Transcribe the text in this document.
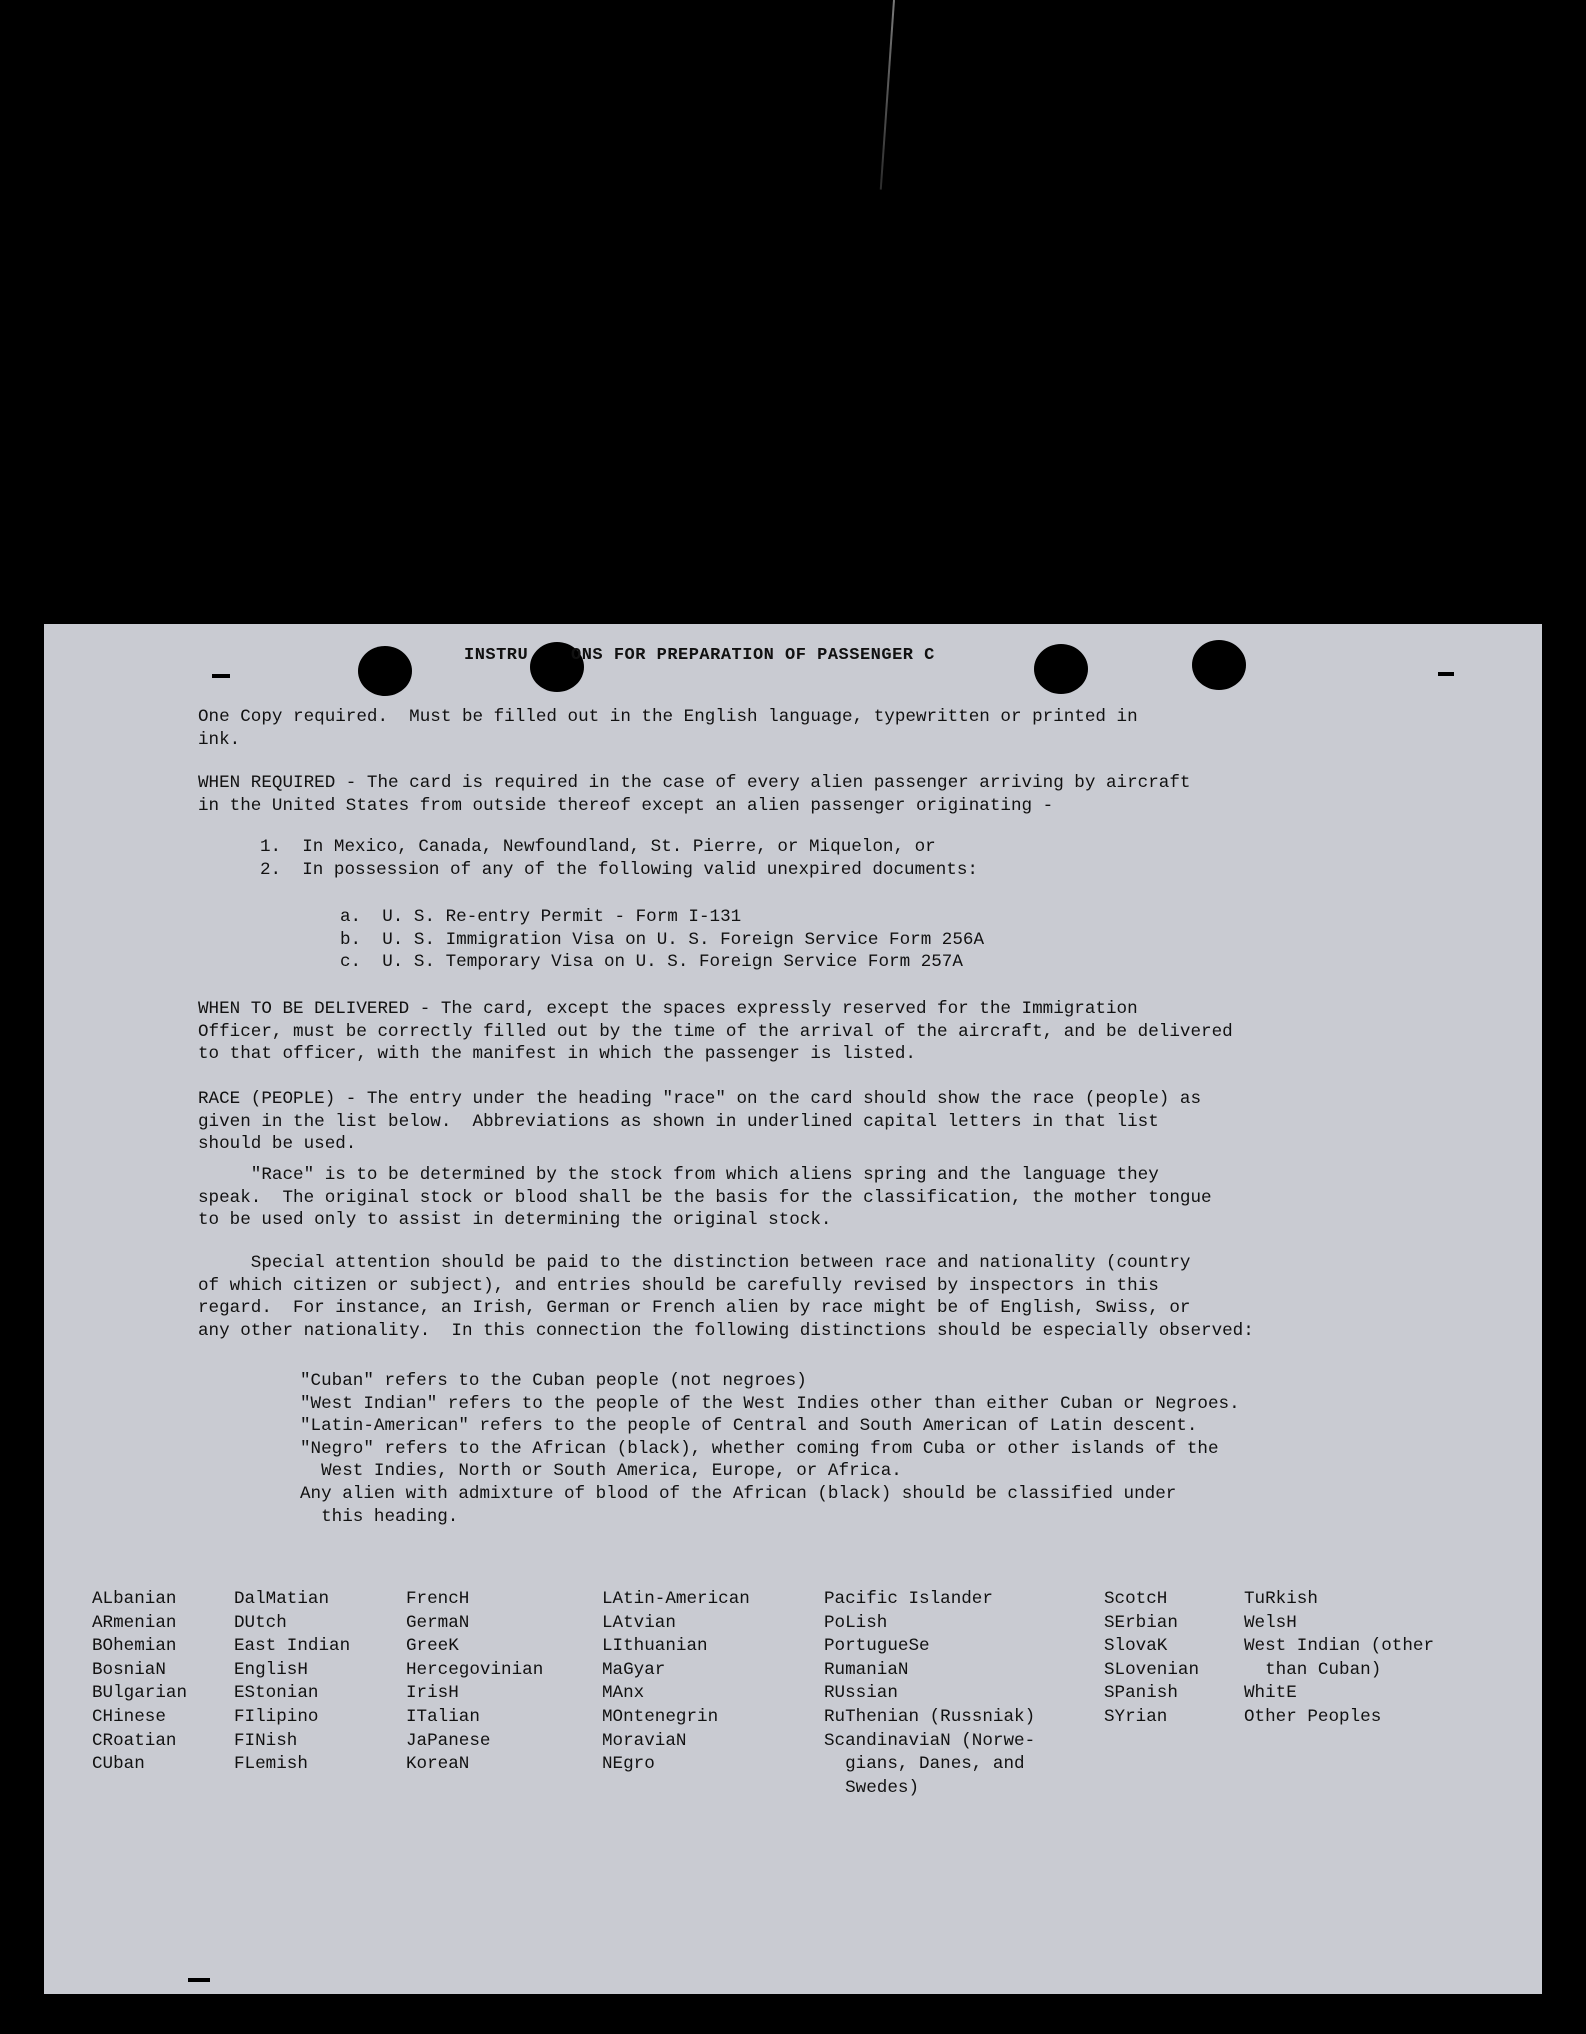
INSTRU    ONS FOR PREPARATION OF PASSENGER C

One Copy required.  Must be filled out in the English language, typewritten or printed in
ink.

WHEN REQUIRED - The card is required in the case of every alien passenger arriving by aircraft
in the United States from outside thereof except an alien passenger originating -

1.  In Mexico, Canada, Newfoundland, St. Pierre, or Miquelon, or
2.  In possession of any of the following valid unexpired documents:

a.  U. S. Re-entry Permit - Form I-131
b.  U. S. Immigration Visa on U. S. Foreign Service Form 256A
c.  U. S. Temporary Visa on U. S. Foreign Service Form 257A

WHEN TO BE DELIVERED - The card, except the spaces expressly reserved for the Immigration
Officer, must be correctly filled out by the time of the arrival of the aircraft, and be delivered
to that officer, with the manifest in which the passenger is listed.

RACE (PEOPLE) - The entry under the heading "race" on the card should show the race (people) as
given in the list below.  Abbreviations as shown in underlined capital letters in that list
should be used.

"Race" is to be determined by the stock from which aliens spring and the language they
speak.  The original stock or blood shall be the basis for the classification, the mother tongue
to be used only to assist in determining the original stock.

Special attention should be paid to the distinction between race and nationality (country
of which citizen or subject), and entries should be carefully revised by inspectors in this
regard.  For instance, an Irish, German or French alien by race might be of English, Swiss, or
any other nationality.  In this connection the following distinctions should be especially observed:

"Cuban" refers to the Cuban people (not negroes)
"West Indian" refers to the people of the West Indies other than either Cuban or Negroes.
"Latin-American" refers to the people of Central and South American of Latin descent.
"Negro" refers to the African (black), whether coming from Cuba or other islands of the
West Indies, North or South America, Europe, or Africa.
Any alien with admixture of blood of the African (black) should be classified under
this heading.

ALbanian
ARmenian
BOhemian
BosniaN
BUlgarian
CHinese
CRoatian
CUban
DalMatian
DUtch
East Indian
EnglisH
EStonian
FIlipino
FINish
FLemish
FrencH
GermaN
GreeK
Hercegovinian
IrisH
ITalian
JaPanese
KoreaN
LAtin-American
LAtvian
LIthuanian
MaGyar
MAnx
MOntenegrin
MoraviaN
NEgro
Pacific Islander
PoLish
PortugueSe
RumaniaN
RUssian
RuThenian (Russniak)
ScandinaviaN (Norwe-
gians, Danes, and
Swedes)
ScotcH
SErbian
SlovaK
SLovenian
SPanish
SYrian
TuRkish
WelsH
West Indian (other
than Cuban)
WhitE
Other Peoples
